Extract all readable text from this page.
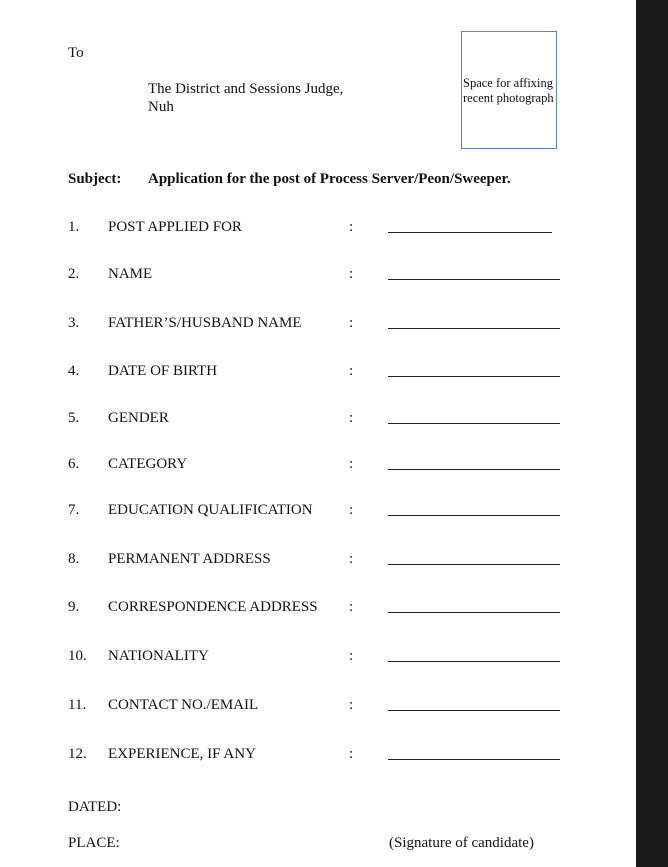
To
The District and Sessions Judge,
Nuh
Space for affixing
recent photograph
Subject: Application for the post of Process Server/Peon/Sweeper.
1. POST APPLIED FOR	:
2. NAME	:
3. FATHER’S/HUSBAND NAME	:
4. DATE OF BIRTH	:
5. GENDER	:
6. CATEGORY	:
7. EDUCATION QUALIFICATION :
8. PERMANENT ADDRESS	:
9. CORRESPONDENCE ADDRESS :
10. NATIONALITY	:
11. CONTACT NO./EMAIL	:
12. EXPERIENCE, IF ANY	:
DATED:
PLACE:	(Signature of candidate)
